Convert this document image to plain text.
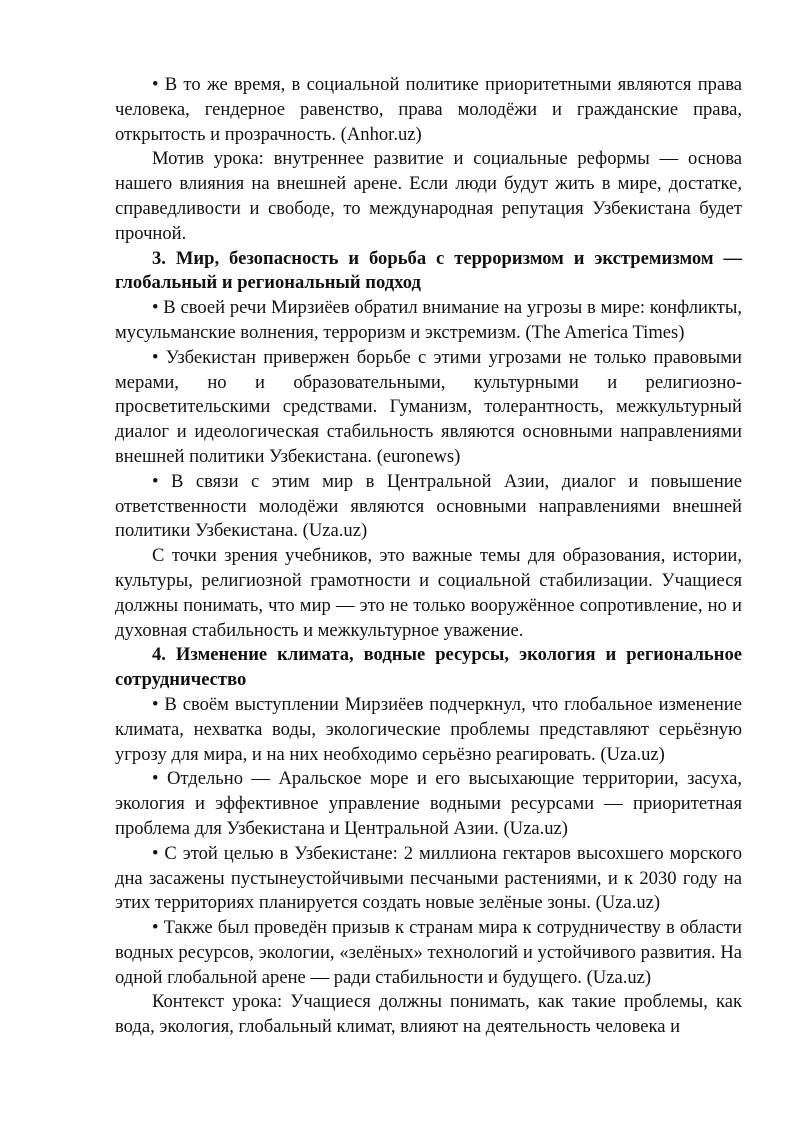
• В то же время, в социальной политике приоритетными являются права человека, гендерное равенство, права молодёжи и гражданские права, открытость и прозрачность. (Anhor.uz)

Мотив урока: внутреннее развитие и социальные реформы — основа нашего влияния на внешней арене. Если люди будут жить в мире, достатке, справедливости и свободе, то международная репутация Узбекистана будет прочной.

3. Мир, безопасность и борьба с терроризмом и экстремизмом — глобальный и региональный подход

• В своей речи Мирзиёев обратил внимание на угрозы в мире: конфликты, мусульманские волнения, терроризм и экстремизм. (The America Times)

• Узбекистан привержен борьбе с этими угрозами не только правовыми мерами, но и образовательными, культурными и религиозно-просветительскими средствами. Гуманизм, толерантность, межкультурный диалог и идеологическая стабильность являются основными направлениями внешней политики Узбекистана. (euronews)

• В связи с этим мир в Центральной Азии, диалог и повышение ответственности молодёжи являются основными направлениями внешней политики Узбекистана. (Uza.uz)

С точки зрения учебников, это важные темы для образования, истории, культуры, религиозной грамотности и социальной стабилизации. Учащиеся должны понимать, что мир — это не только вооружённое сопротивление, но и духовная стабильность и межкультурное уважение.

4. Изменение климата, водные ресурсы, экология и региональное сотрудничество

• В своём выступлении Мирзиёев подчеркнул, что глобальное изменение климата, нехватка воды, экологические проблемы представляют серьёзную угрозу для мира, и на них необходимо серьёзно реагировать. (Uza.uz)

• Отдельно — Аральское море и его высыхающие территории, засуха, экология и эффективное управление водными ресурсами — приоритетная проблема для Узбекистана и Центральной Азии. (Uza.uz)

• С этой целью в Узбекистане: 2 миллиона гектаров высохшего морского дна засажены пустынеустойчивыми песчаными растениями, и к 2030 году на этих территориях планируется создать новые зелёные зоны. (Uza.uz)

• Также был проведён призыв к странам мира к сотрудничеству в области водных ресурсов, экологии, «зелёных» технологий и устойчивого развития. На одной глобальной арене — ради стабильности и будущего. (Uza.uz)

Контекст урока: Учащиеся должны понимать, как такие проблемы, как вода, экология, глобальный климат, влияют на деятельность человека и
